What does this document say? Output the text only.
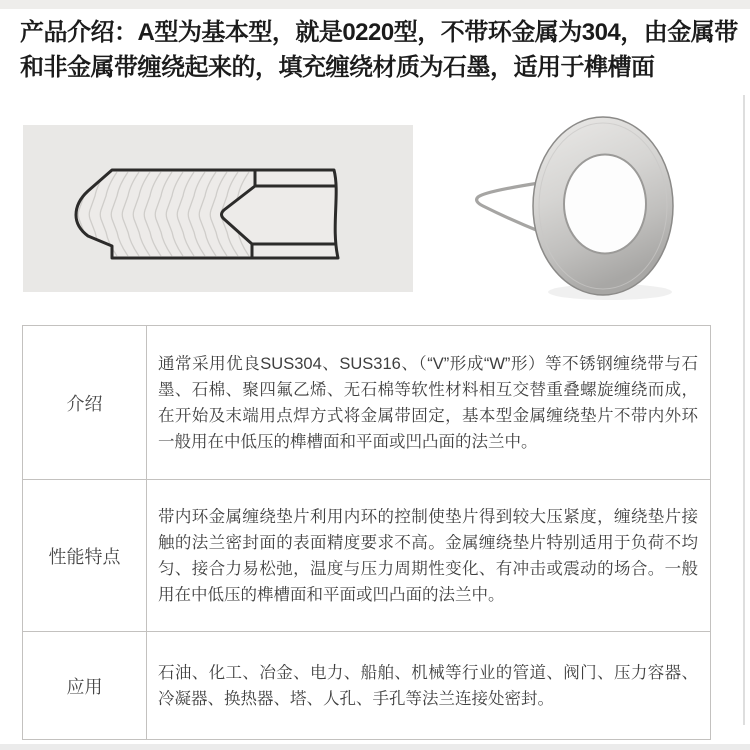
产品介绍：A型为基本型，就是0220型，不带环金属为304，由金属带和非金属带缠绕起来的，填充缠绕材质为石墨，适用于榫槽面
介绍
通常采用优良SUS304、SUS316、（“V”形成“W”形）等不锈钢缠绕带与石墨、石棉、聚四氟乙烯、无石棉等软性材料相互交替重叠螺旋缠绕而成，在开始及末端用点焊方式将金属带固定，基本型金属缠绕垫片不带内外环一般用在中低压的榫槽面和平面或凹凸面的法兰中。
性能特点
带内环金属缠绕垫片利用内环的控制使垫片得到较大压紧度，缠绕垫片接触的法兰密封面的表面精度要求不高。金属缠绕垫片特别适用于负荷不均匀、接合力易松弛，温度与压力周期性变化、有冲击或震动的场合。一般用在中低压的榫槽面和平面或凹凸面的法兰中。
应用
石油、化工、冶金、电力、船舶、机械等行业的管道、阀门、压力容器、冷凝器、换热器、塔、人孔、手孔等法兰连接处密封。
